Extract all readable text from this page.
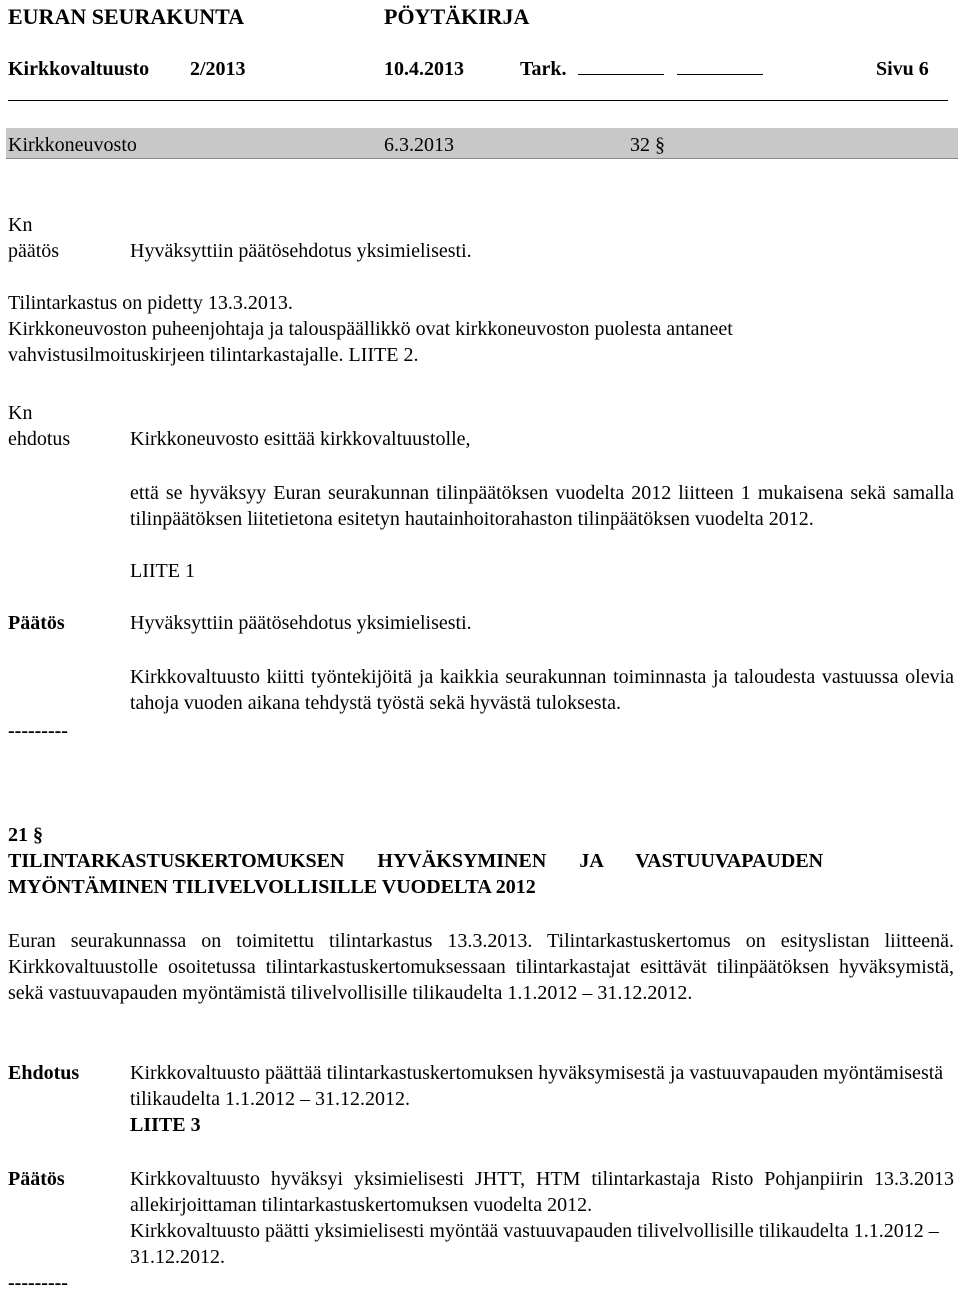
EURAN SEURAKUNTA	PÖYTÄKIRJA
Kirkkovaltuusto 2/2013	10.4.2013	Tark.	Sivu 6
Kirkkoneuvosto	6.3.2013	32 §
Kn
päätös	Hyväksyttiin päätösehdotus yksimielisesti.
Tilintarkastus on pidetty 13.3.2013.
Kirkkoneuvoston puheenjohtaja ja talouspäällikkö ovat kirkkoneuvoston puolesta antaneet
vahvistusilmoituskirjeen tilintarkastajalle. LIITE 2.
Kn
ehdotus	Kirkkoneuvosto esittää kirkkovaltuustolle,
että se hyväksyy Euran seurakunnan tilinpäätöksen vuodelta 2012 liitteen 1 mukaisena sekä samalla tilinpäätöksen liitetietona esitetyn hautainhoitorahaston tilinpäätöksen vuodelta 2012.
LIITE 1
Päätös	Hyväksyttiin päätösehdotus yksimielisesti.
Kirkkovaltuusto kiitti työntekijöitä ja kaikkia seurakunnan toiminnasta ja taloudesta vastuussa olevia tahoja vuoden aikana tehdystä työstä sekä hyvästä tuloksesta.
---------
21 §
TILINTARKASTUSKERTOMUKSEN HYVÄKSYMINEN JA VASTUUVAPAUDEN
MYÖNTÄMINEN TILIVELVOLLISILLE VUODELTA 2012
Euran seurakunnassa on toimitettu tilintarkastus 13.3.2013. Tilintarkastuskertomus on esityslistan liitteenä. Kirkkovaltuustolle osoitetussa tilintarkastuskertomuksessaan tilintarkastajat esittävät tilinpäätöksen hyväksymistä, sekä vastuuvapauden myöntämistä tilivelvollisille tilikaudelta 1.1.2012 – 31.12.2012.
Ehdotus	Kirkkovaltuusto päättää tilintarkastuskertomuksen hyväksymisestä ja vastuuvapauden myöntämisestä tilikaudelta 1.1.2012 – 31.12.2012.
LIITE 3
Päätös	Kirkkovaltuusto hyväksyi yksimielisesti JHTT, HTM tilintarkastaja Risto Pohjanpiirin 13.3.2013 allekirjoittaman tilintarkastuskertomuksen vuodelta 2012.
Kirkkovaltuusto päätti yksimielisesti myöntää vastuuvapauden tilivelvollisille tilikaudelta 1.1.2012 – 31.12.2012.
---------
